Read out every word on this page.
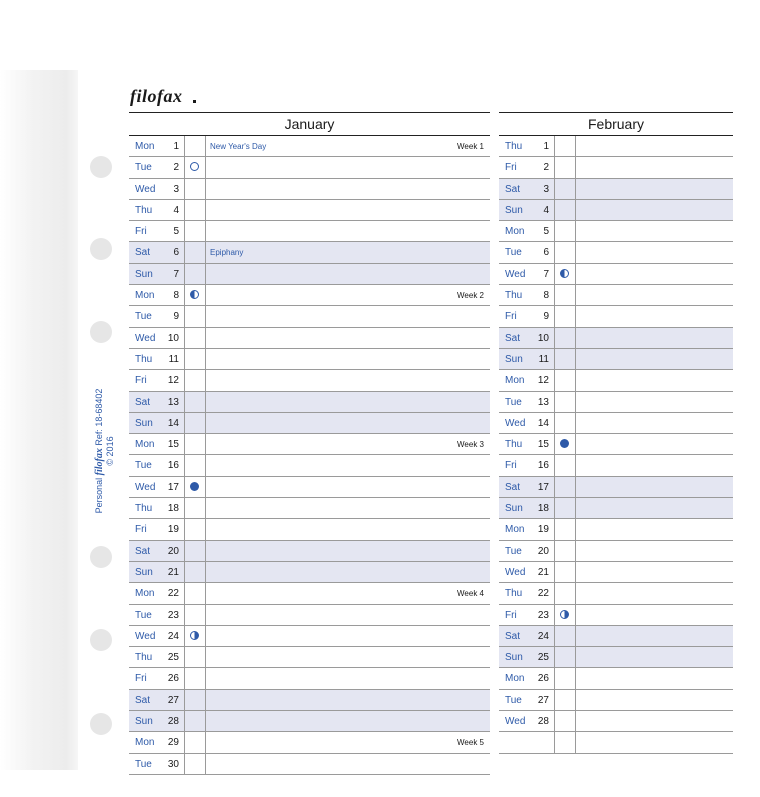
filofax
Personal filofax Ref: 18-68402
© 2016
January
Mon	1	New Year's Day	Week 1
Tue	2
Wed	3
Thu	4
Fri	5
Sat	6	Epiphany
Sun	7
Mon	8	Week 2
Tue	9
Wed	10
Thu	11
Fri	12
Sat	13
Sun	14
Mon	15	Week 3
Tue	16
Wed	17
Thu	18
Fri	19
Sat	20
Sun	21
Mon	22	Week 4
Tue	23
Wed	24
Thu	25
Fri	26
Sat	27
Sun	28
Mon	29	Week 5
Tue	30
February
Thu	1
Fri	2
Sat	3
Sun	4
Mon	5
Tue	6
Wed	7
Thu	8
Fri	9
Sat	10
Sun	11
Mon	12
Tue	13
Wed	14
Thu	15
Fri	16
Sat	17
Sun	18
Mon	19
Tue	20
Wed	21
Thu	22
Fri	23
Sat	24
Sun	25
Mon	26
Tue	27
Wed	28
